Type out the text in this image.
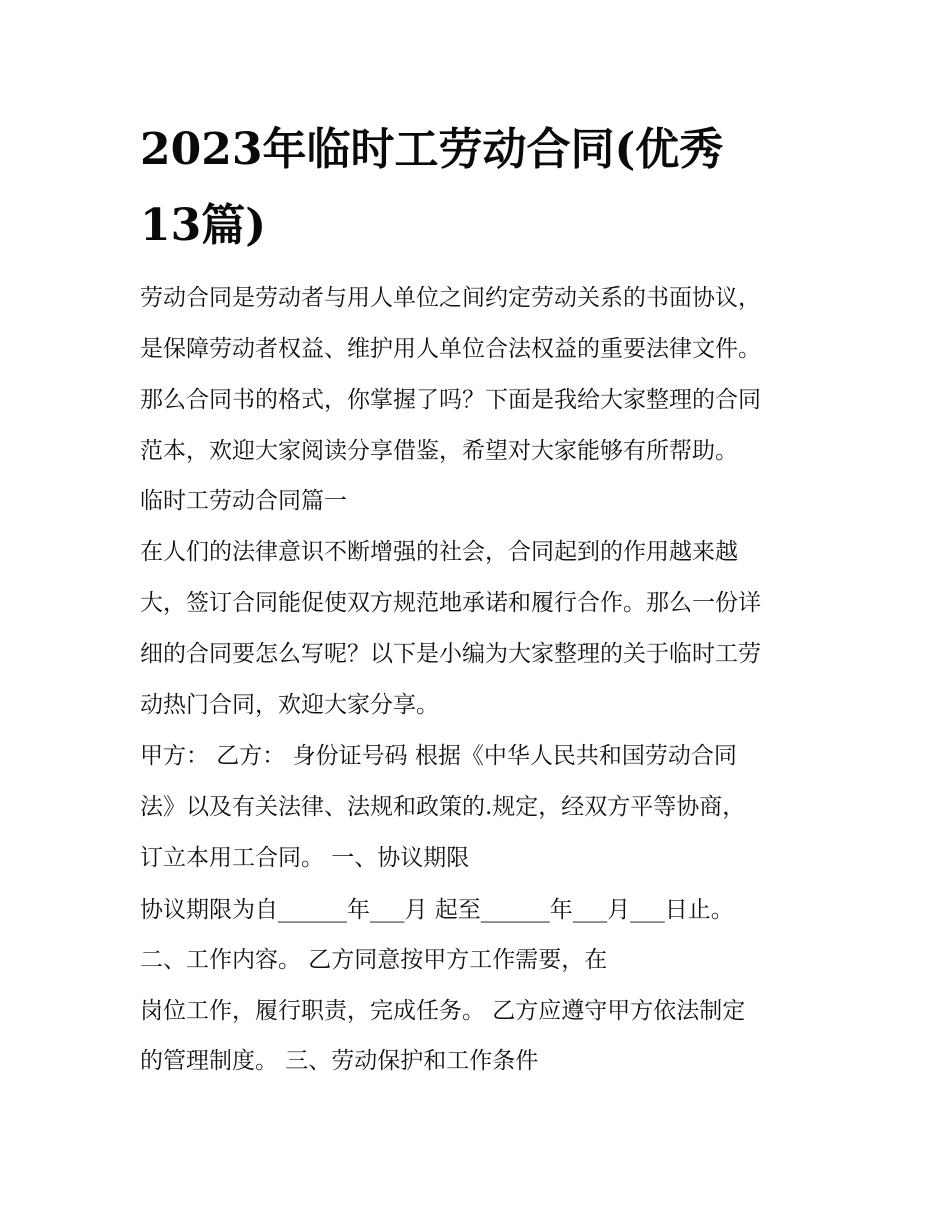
2023年临时工劳动合同(优秀
13篇)
劳动合同是劳动者与用人单位之间约定劳动关系的书面协议，
是保障劳动者权益、维护用人单位合法权益的重要法律文件。
那么合同书的格式，你掌握了吗？下面是我给大家整理的合同
范本，欢迎大家阅读分享借鉴，希望对大家能够有所帮助。
临时工劳动合同篇一
在人们的法律意识不断增强的社会，合同起到的作用越来越
大，签订合同能促使双方规范地承诺和履行合作。那么一份详
细的合同要怎么写呢？以下是小编为大家整理的关于临时工劳
动热门合同，欢迎大家分享。
甲方： 乙方： 身份证号码 根据《中华人民共和国劳动合同
法》以及有关法律、法规和政策的.规定，经双方平等协商，
订立本用工合同。 一、协议期限
协议期限为自______年___月 起至______年___月___日止。
二、工作内容。 乙方同意按甲方工作需要，在
岗位工作，履行职责，完成任务。 乙方应遵守甲方依法制定
的管理制度。 三、劳动保护和工作条件
